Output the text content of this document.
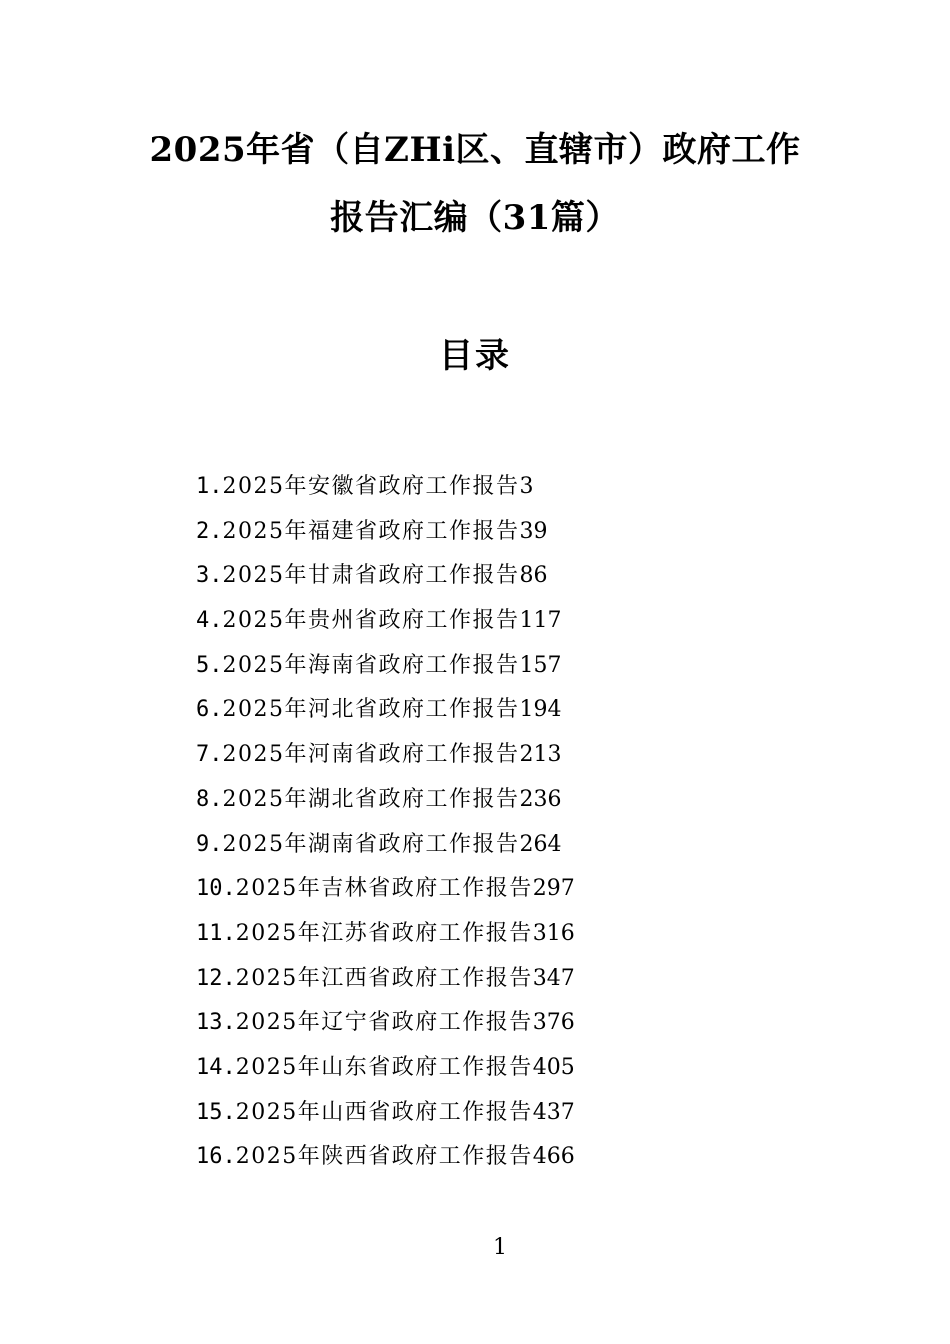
2025年省（自ZHi区、直辖市）政府工作
报告汇编（31篇）
目录
1.2025年安徽省政府工作报告3
2.2025年福建省政府工作报告39
3.2025年甘肃省政府工作报告86
4.2025年贵州省政府工作报告117
5.2025年海南省政府工作报告157
6.2025年河北省政府工作报告194
7.2025年河南省政府工作报告213
8.2025年湖北省政府工作报告236
9.2025年湖南省政府工作报告264
10.2025年吉林省政府工作报告297
11.2025年江苏省政府工作报告316
12.2025年江西省政府工作报告347
13.2025年辽宁省政府工作报告376
14.2025年山东省政府工作报告405
15.2025年山西省政府工作报告437
16.2025年陕西省政府工作报告466
1
